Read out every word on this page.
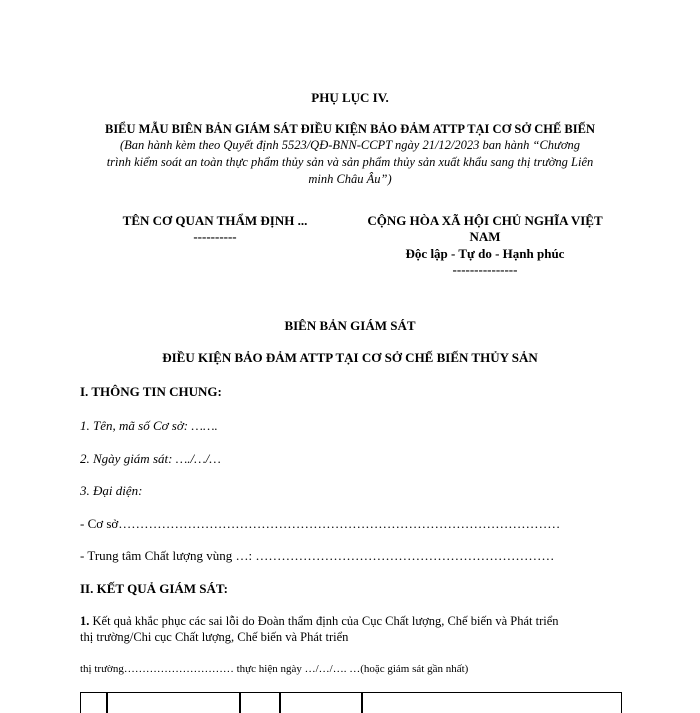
PHỤ LỤC IV.
BIỂU MẪU BIÊN BẢN GIÁM SÁT ĐIỀU KIỆN BẢO ĐẢM ATTP TẠI CƠ SỞ CHẾ BIẾN
(Ban hành kèm theo Quyết định 5523/QĐ-BNN-CCPT ngày 21/12/2023 ban hành “Chương
trình kiểm soát an toàn thực phẩm thủy sản và sản phẩm thủy sản xuất khẩu sang thị trường Liên
minh Châu Âu”)
TÊN CƠ QUAN THẨM ĐỊNH ...
----------
CỘNG HÒA XÃ HỘI CHỦ NGHĨA VIỆT
NAM
Độc lập - Tự do - Hạnh phúc
---------------
BIÊN BẢN GIÁM SÁT
ĐIỀU KIỆN BẢO ĐẢM ATTP TẠI CƠ SỞ CHẾ BIẾN THỦY SẢN
I. THÔNG TIN CHUNG:
1. Tên, mã số Cơ sở: …….
2. Ngày giám sát: …./…/…
3. Đại diện:
- Cơ sở…………………………………………………………………………………………
- Trung tâm Chất lượng vùng …: ……………………………………………………………
II. KẾT QUẢ GIÁM SÁT:
1. Kết quả khắc phục các sai lỗi do Đoàn thẩm định của Cục Chất lượng, Chế biến và Phát triển
thị trường/Chi cục Chất lượng, Chế biến và Phát triển
thị trường………………………… thực hiện ngày …/…/…. …(hoặc giám sát gần nhất)
